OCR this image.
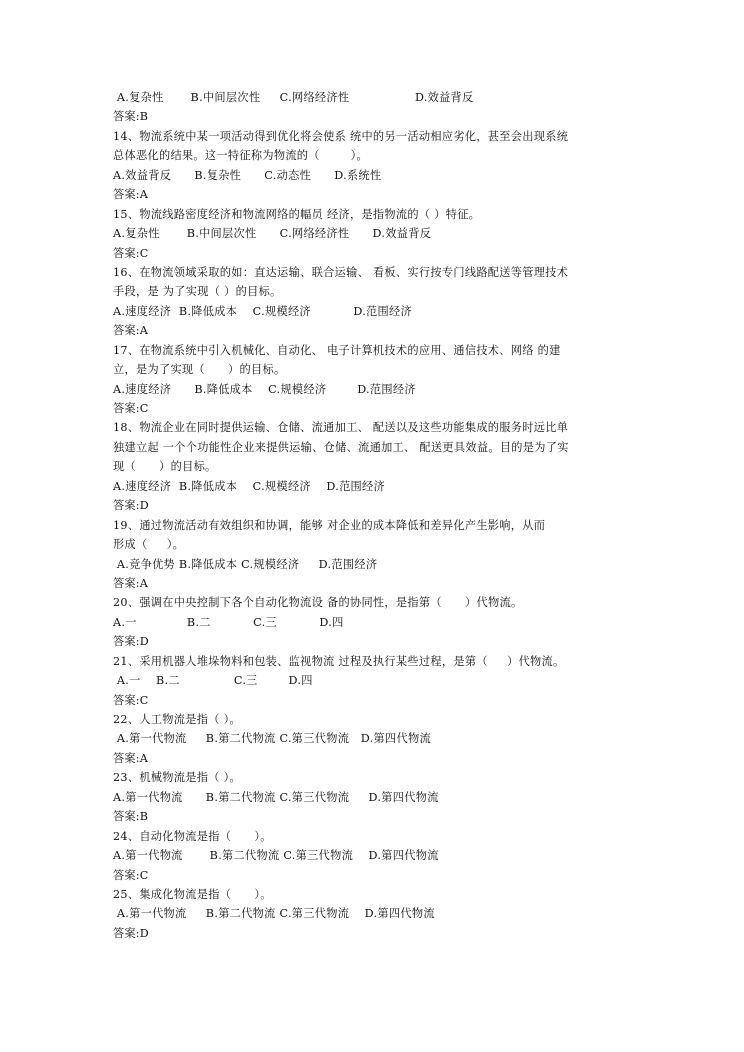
A.复杂性       B.中间层次性     C.网络经济性                 D.效益背反
答案:B
14、物流系统中某一项活动得到优化将会使系 统中的另一活动相应劣化，甚至会出现系统
总体恶化的结果。这一特征称为物流的（        ）。
A.效益背反      B.复杂性      C.动态性      D.系统性
答案:A
15、物流线路密度经济和物流网络的幅员 经济，是指物流的（ ）特征。
A.复杂性       B.中间层次性      C.网络经济性      D.效益背反
答案:C
16、在物流领域采取的如：直达运输、联合运输、 看板、实行按专门线路配送等管理技术
手段，是 为了实现（ ）的目标。
A.速度经济  B.降低成本    C.规模经济           D.范围经济
答案:A
17、在物流系统中引入机械化、自动化、 电子计算机技术的应用、通信技术、网络 的建
立，是为了实现（      ）的目标。
A.速度经济      B.降低成本    C.规模经济        D.范围经济
答案:C
18、物流企业在同时提供运输、仓储、流通加工、 配送以及这些功能集成的服务时远比单
独建立起 一个个功能性企业来提供运输、仓储、流通加工、 配送更具效益。目的是为了实
现（      ）的目标。
A.速度经济  B.降低成本    C.规模经济    D.范围经济
答案:D
19、通过物流活动有效组织和协调，能够 对企业的成本降低和差异化产生影响，从而
形成（     ）。
A.竞争优势 B.降低成本 C.规模经济     D.范围经济
答案:A
20、强调在中央控制下各个自动化物流设 备的协同性，是指第（      ）代物流。
A.一             B.二           C.三           D.四
答案:D
21、采用机器人堆垛物料和包装、监视物流 过程及执行某些过程，是第（     ）代物流。
A.一    B.二              C.三        D.四
答案:C
22、人工物流是指（ ）。
A.第一代物流     B.第二代物流 C.第三代物流   D.第四代物流
答案:A
23、机械物流是指（ ）。
A.第一代物流      B.第二代物流 C.第三代物流     D.第四代物流
答案:B
24、自动化物流是指（      ）。
A.第一代物流       B.第二代物流 C.第三代物流    D.第四代物流
答案:C
25、集成化物流是指（      ）。
A.第一代物流     B.第二代物流 C.第三代物流    D.第四代物流
答案:D
